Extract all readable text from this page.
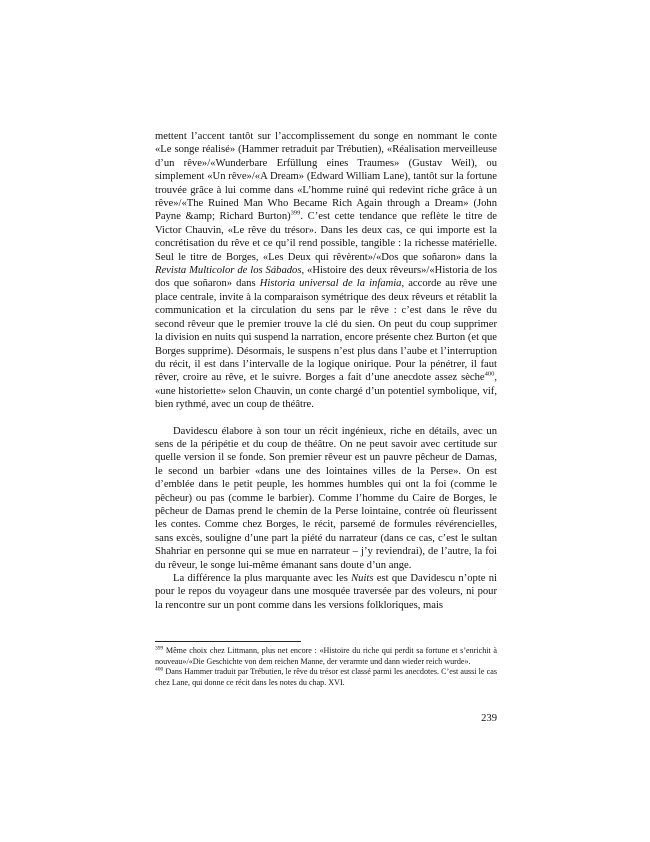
mettent l’accent tantôt sur l’accomplissement du songe en nommant le conte «Le songe réalisé» (Hammer retraduit par Trébutien), «Réalisation merveilleuse d’un rêve»/«Wunderbare Erfüllung eines Traumes» (Gustav Weil), ou simplement «Un rêve»/«A Dream» (Edward William Lane), tantôt sur la fortune trouvée grâce à lui comme dans «L’homme ruiné qui redevint riche grâce à un rêve»/«The Ruined Man Who Became Rich Again through a Dream» (John Payne &amp; Richard Burton)$^{399}$. C’est cette tendance que reflète le titre de Victor Chauvin, «Le rêve du trésor». Dans les deux cas, ce qui importe est la concrétisation du rêve et ce qu’il rend possible, tangible : la richesse matérielle. Seul le titre de Borges, «Les Deux qui rêvèrent»/«Dos que soñaron» dans la Revista Multicolor de los Sábados, «Histoire des deux rêveurs»/«Historia de los dos que soñaron» dans Historia universal de la infamia, accorde au rêve une place centrale, invite à la comparaison symétrique des deux rêveurs et rétablit la communication et la circulation du sens par le rêve : c’est dans le rêve du second rêveur que le premier trouve la clé du sien. On peut du coup supprimer la division en nuits qui suspend la narration, encore présente chez Burton (et que Borges supprime). Désormais, le suspens n’est plus dans l’aube et l’interruption du récit, il est dans l’intervalle de la logique onirique. Pour la pénétrer, il faut rêver, croire au rêve, et le suivre. Borges a fait d’une anecdote assez sèche$^{400}$, «une historiette» selon Chauvin, un conte chargé d’un potentiel symbolique, vif, bien rythmé, avec un coup de théâtre.

Davidescu élabore à son tour un récit ingénieux, riche en détails, avec un sens de la péripétie et du coup de théâtre. On ne peut savoir avec certitude sur quelle version il se fonde. Son premier rêveur est un pauvre pêcheur de Damas, le second un barbier «dans une des lointaines villes de la Perse». On est d’emblée dans le petit peuple, les hommes humbles qui ont la foi (comme le pêcheur) ou pas (comme le barbier). Comme l’homme du Caire de Borges, le pêcheur de Damas prend le chemin de la Perse lointaine, contrée où fleurissent les contes. Comme chez Borges, le récit, parsemé de formules révérencielles, sans excès, souligne d’une part la piété du narrateur (dans ce cas, c’est le sultan Shahriar en personne qui se mue en narrateur – j’y reviendrai), de l’autre, la foi du rêveur, le songe lui-même émanant sans doute d’un ange.

La différence la plus marquante avec les Nuits est que Davidescu n’opte ni pour le repos du voyageur dans une mosquée traversée par des voleurs, ni pour la rencontre sur un pont comme dans les versions folkloriques, mais

$^{399}$ Même choix chez Littmann, plus net encore : «Histoire du riche qui perdit sa fortune et s’enrichit à nouveau»/«Die Geschichte von dem reichen Manne, der verarmte und dann wieder reich wurde».

$^{400}$ Dans Hammer traduit par Trébutien, le rêve du trésor est classé parmi les anecdotes. C’est aussi le cas chez Lane, qui donne ce récit dans les notes du chap. XVI.

239
